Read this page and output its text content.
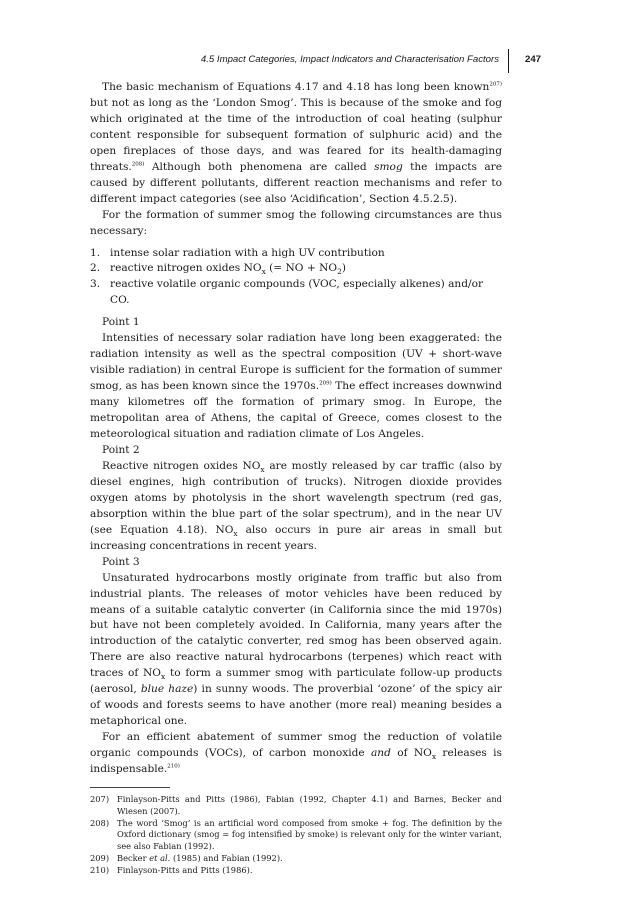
4.5 Impact Categories, Impact Indicators and Characterisation Factors	247

The basic mechanism of Equations 4.17 and 4.18 has long been known$^{207)}$ but not as long as the ‘London Smog’. This is because of the smoke and fog which originated at the time of the introduction of coal heating (sulphur content responsible for subsequent formation of sulphuric acid) and the open fireplaces of those days, and was feared for its health-damaging threats.$^{208)}$ Although both phenomena are called smog the impacts are caused by different pollutants, different reaction mechanisms and refer to different impact categories (see also ‘Acidification’, Section 4.5.2.5).

For the formation of summer smog the following circumstances are thus necessary:

1. intense solar radiation with a high UV contribution
2. reactive nitrogen oxides $NO_x$ (= NO + $NO_2$)
3. reactive volatile organic compounds (VOC, especially alkenes) and/or CO.

Point 1

Intensities of necessary solar radiation have long been exaggerated: the radiation intensity as well as the spectral composition (UV + short-wave visible radiation) in central Europe is sufficient for the formation of summer smog, as has been known since the 1970s.$^{209)}$ The effect increases downwind many kilometres off the formation of primary smog. In Europe, the metropolitan area of Athens, the capital of Greece, comes closest to the meteorological situation and radiation climate of Los Angeles.

Point 2

Reactive nitrogen oxides $NO_x$ are mostly released by car traffic (also by diesel engines, high contribution of trucks). Nitrogen dioxide provides oxygen atoms by photolysis in the short wavelength spectrum (red gas, absorption within the blue part of the solar spectrum), and in the near UV (see Equation 4.18). $NO_x$ also occurs in pure air areas in small but increasing concentrations in recent years.

Point 3

Unsaturated hydrocarbons mostly originate from traffic but also from industrial plants. The releases of motor vehicles have been reduced by means of a suitable catalytic converter (in California since the mid 1970s) but have not been completely avoided. In California, many years after the introduction of the catalytic converter, red smog has been observed again. There are also reactive natural hydrocarbons (terpenes) which react with traces of $NO_x$ to form a summer smog with particulate follow-up products (aerosol, blue haze) in sunny woods. The proverbial ‘ozone’ of the spicy air of woods and forests seems to have another (more real) meaning besides a metaphorical one.

For an efficient abatement of summer smog the reduction of volatile organic compounds (VOCs), of carbon monoxide and of $NO_x$ releases is indispensable.$^{210)}$

207) Finlayson-Pitts and Pitts (1986), Fabian (1992, Chapter 4.1) and Barnes, Becker and Wiesen (2007).
208) The word ‘Smog’ is an artificial word composed from smoke + fog. The definition by the Oxford dictionary (smog = fog intensified by smoke) is relevant only for the winter variant, see also Fabian (1992).
209) Becker et al. (1985) and Fabian (1992).
210) Finlayson-Pitts and Pitts (1986).
